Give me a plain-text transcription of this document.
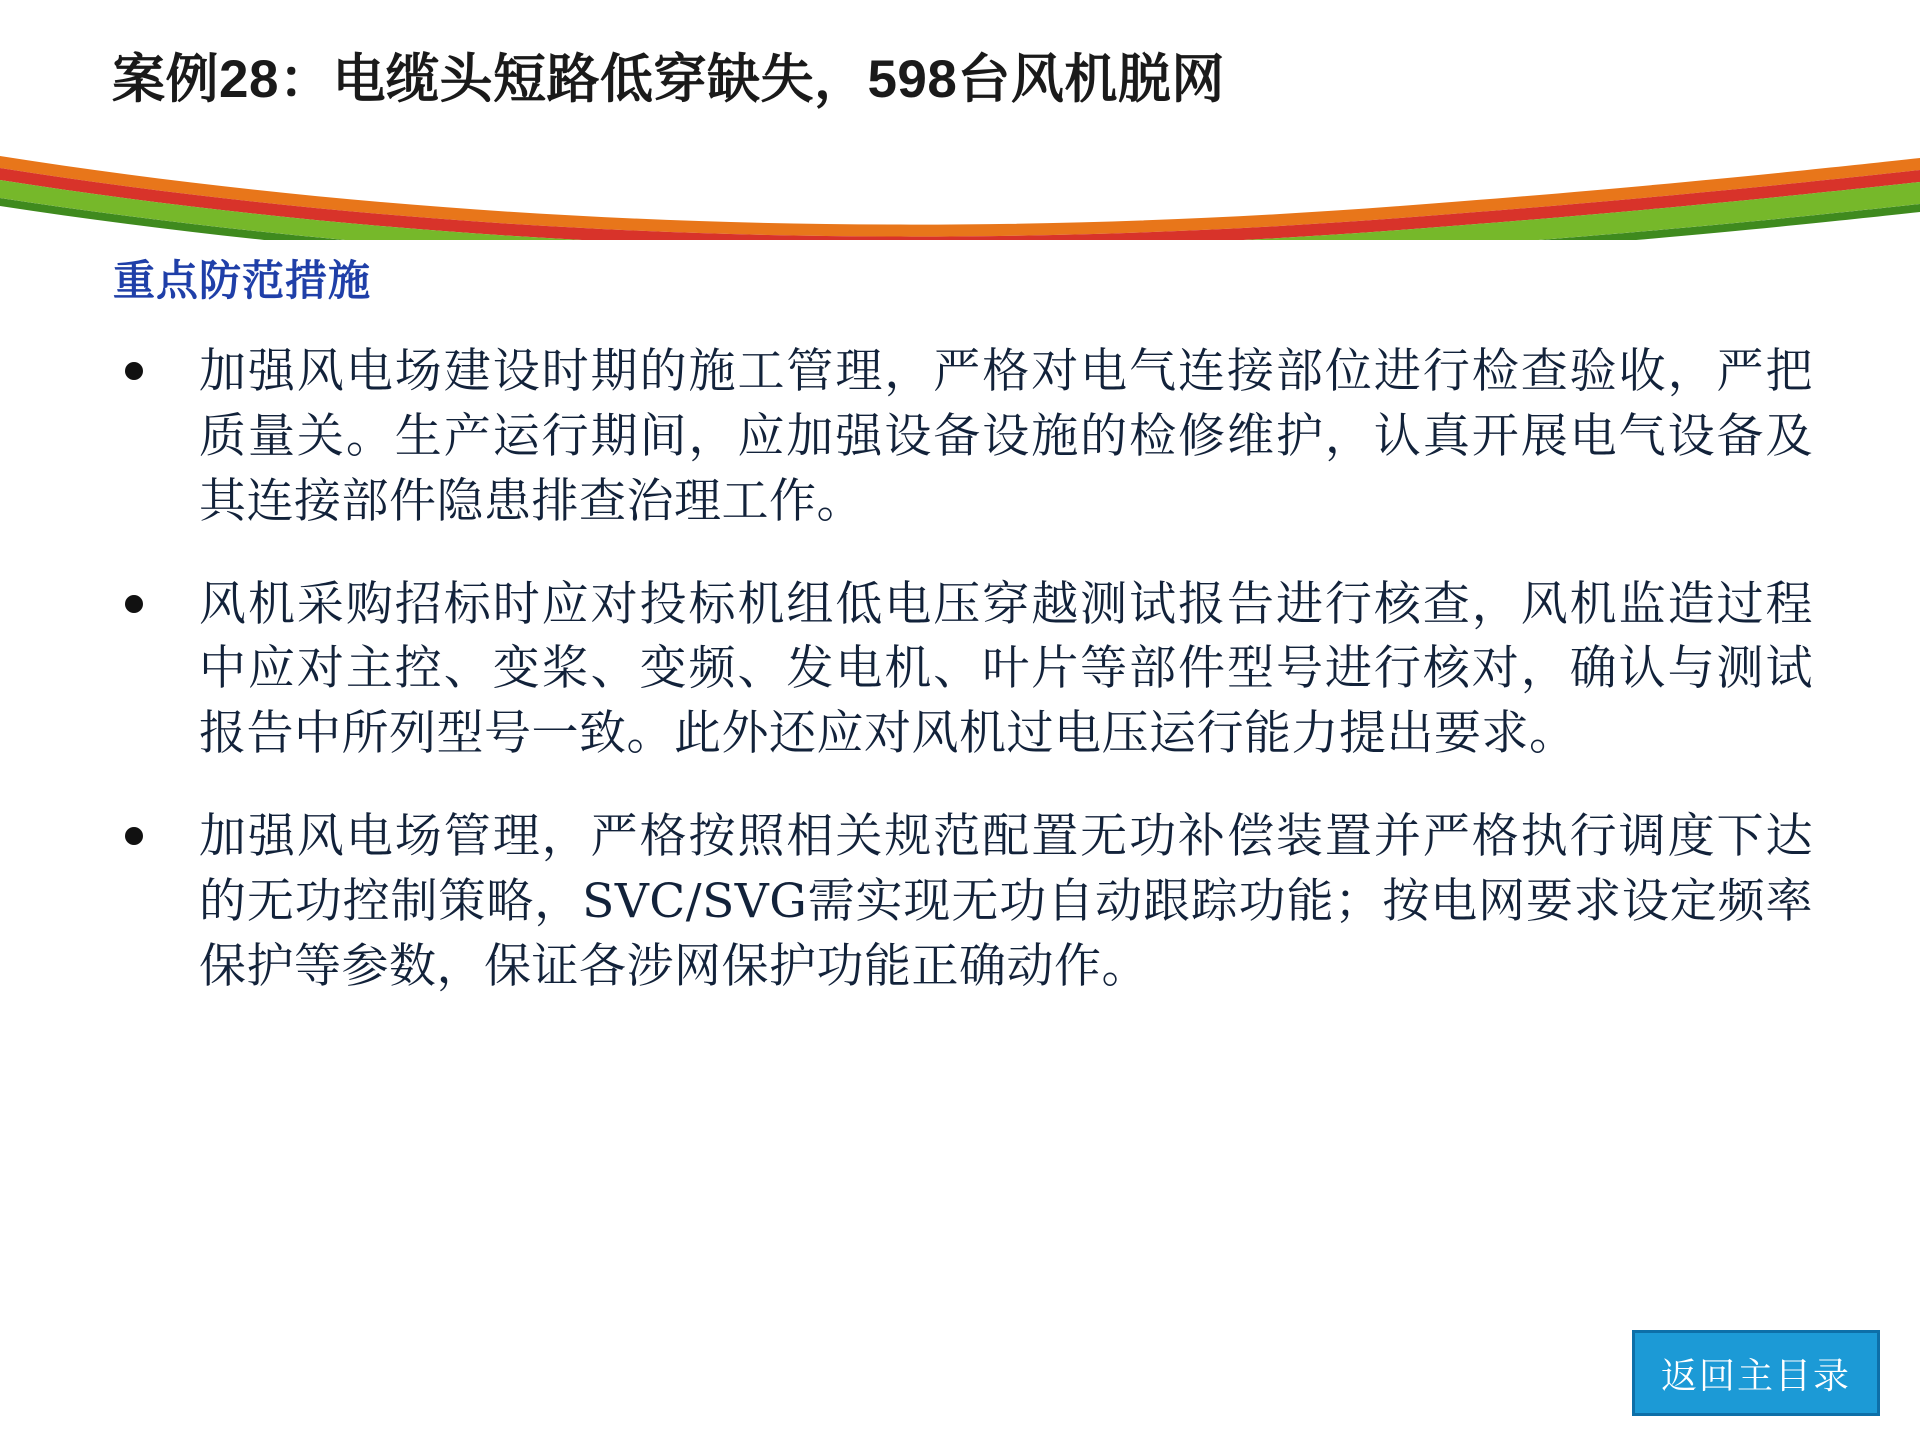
案例28：电缆头短路低穿缺失，598台风机脱网
重点防范措施
加强风电场建设时期的施工管理，严格对电气连接部位进行检查验收，严把质量关。生产运行期间，应加强设备设施的检修维护，认真开展电气设备及其连接部件隐患排查治理工作。
风机采购招标时应对投标机组低电压穿越测试报告进行核查，风机监造过程中应对主控、变桨、变频、发电机、叶片等部件型号进行核对，确认与测试报告中所列型号一致。此外还应对风机过电压运行能力提出要求。
加强风电场管理，严格按照相关规范配置无功补偿装置并严格执行调度下达的无功控制策略，SVC/SVG需实现无功自动跟踪功能；按电网要求设定频率保护等参数，保证各涉网保护功能正确动作。
返回主目录
